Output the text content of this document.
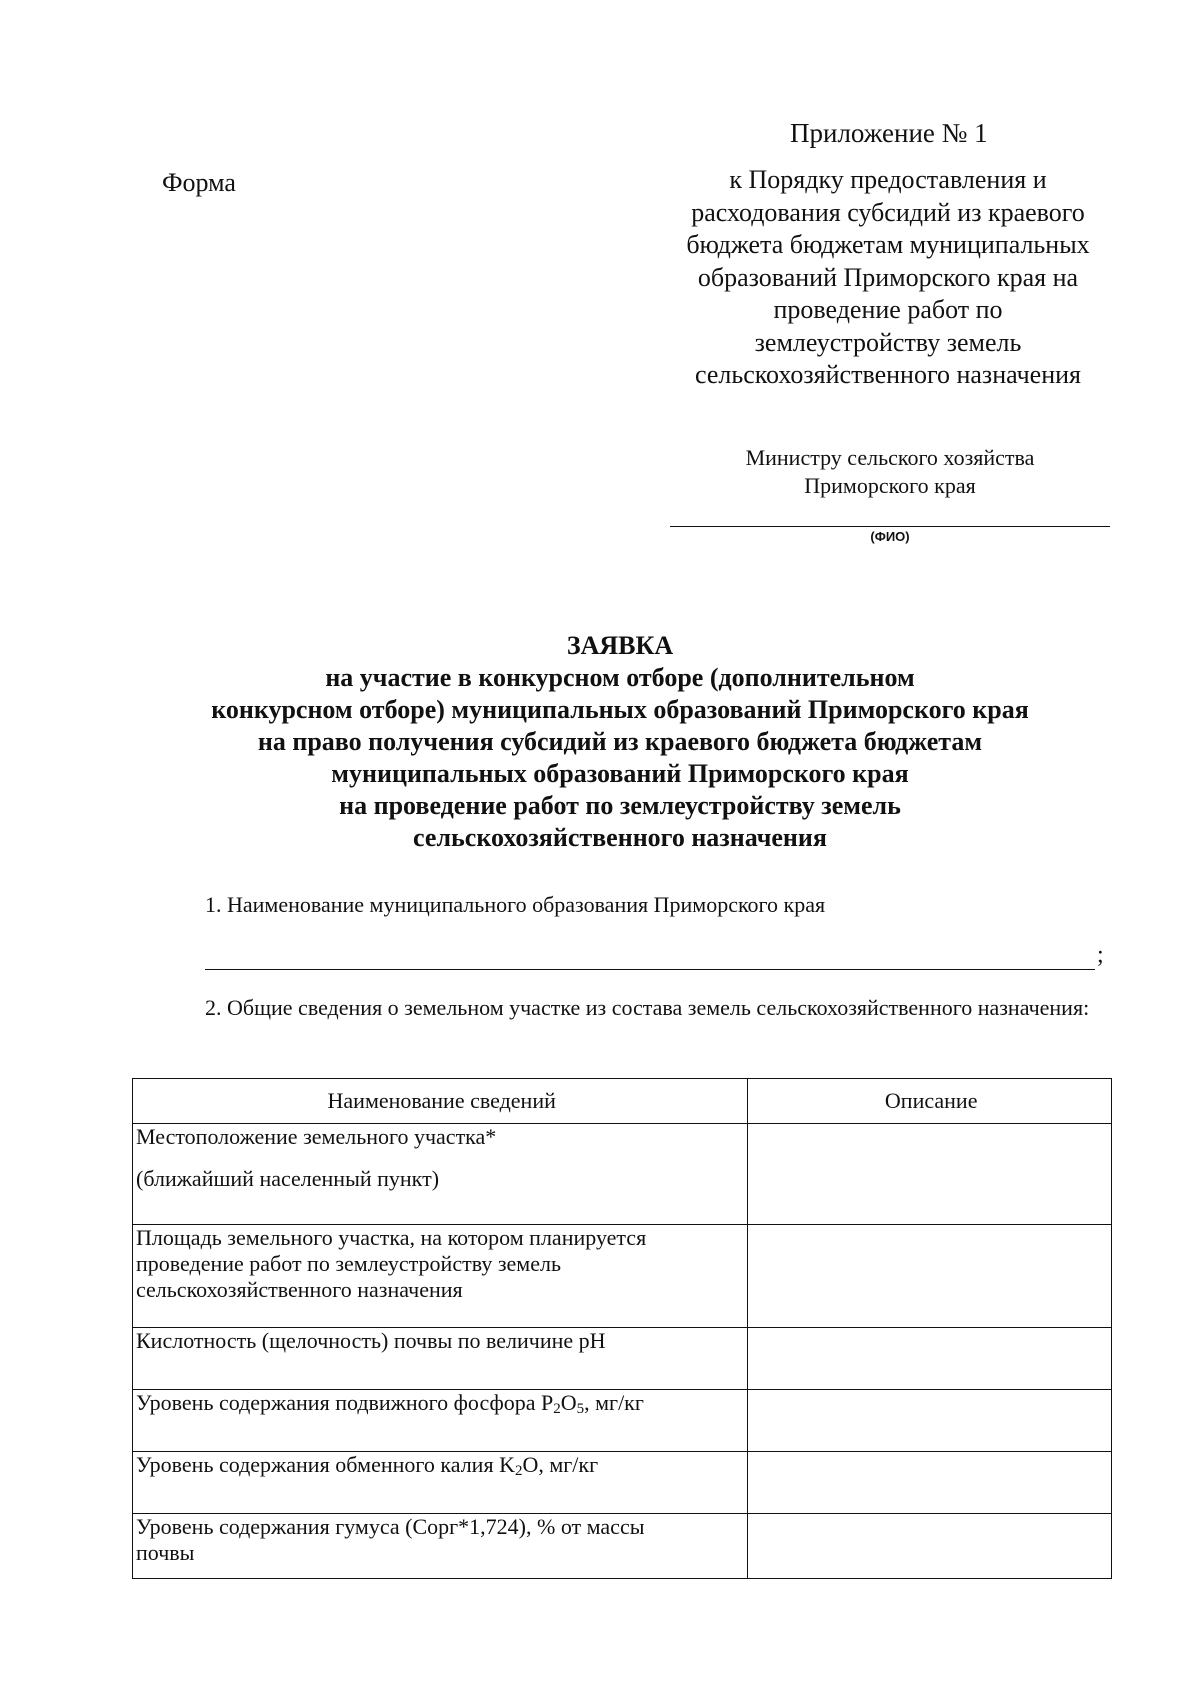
Приложение № 1
Форма	к Порядку предоставления и
расходования субсидий из краевого
бюджета бюджетам муниципальных
образований Приморского края на
проведение работ по
землеустройству земель
сельскохозяйственного назначения
Министру сельского хозяйства
Приморского края
(ФИО)
ЗАЯВКА
на участие в конкурсном отборе (дополнительном
конкурсном отборе) муниципальных образований Приморского края
на право получения субсидий из краевого бюджета бюджетам
муниципальных образований Приморского края
на проведение работ по землеустройству земель
сельскохозяйственного назначения
1. Наименование муниципального образования Приморского края
;
2. Общие сведения о земельном участке из состава земель сельскохозяйственного назначения:
Наименование сведений	Описание

Местоположение земельного участка*
(ближайший населенный пункт)	

Площадь земельного участка, на котором планируется
проведение работ по землеустройству земель
сельскохозяйственного назначения	

Кислотность (щелочность) почвы по величине pH	
Уровень содержания подвижного фосфора $P_2O_5$, мг/кг	
Уровень содержания обменного калия $K_2O$, мг/кг	

Уровень содержания гумуса (Сорг*1,724), % от массы
почвы	
